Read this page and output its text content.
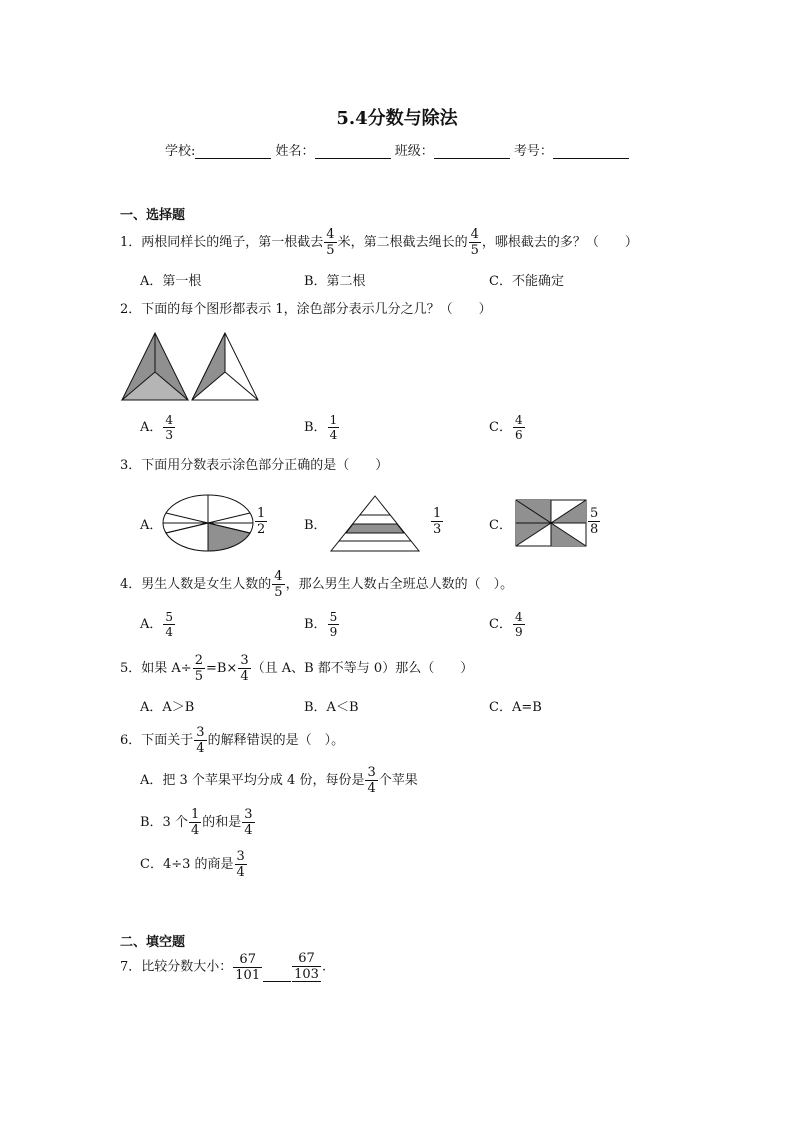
5.4分数与除法
学校:	姓名：	班级：	考号：
一、选择题
1．两根同样长的绳子，第一根截去 $\frac{4}{5}$ 米，第二根截去绳长的 $\frac{4}{5}$ ，哪根截去的多？（　　）
A．第一根	B．第二根	C．不能确定
2．下面的每个图形都表示 1，涂色部分表示几分之几？（　　）
A． $\frac{4}{3}$	B． $\frac{1}{4}$	C． $\frac{4}{6}$
3．下面用分数表示涂色部分正确的是（　　）
A．	$\frac{1}{2}$	B．	$\frac{1}{3}$	C．	$\frac{5}{8}$
4．男生人数是女生人数的 $\frac{4}{5}$ ，那么男生人数占全班总人数的（　）。
A． $\frac{5}{4}$	B． $\frac{5}{9}$	C． $\frac{4}{9}$
5．如果 $A\div \frac{2}{5} =B\times \frac{3}{4}$ （且 A、B 都不等与 0）那么（　　）
A．A＞B	B．A＜B	C．A=B
6．下面关于 $\frac{3}{4}$ 的解释错误的是（　）。
A．把 3 个苹果平均分成 4 份，每份是 $\frac{3}{4}$ 个苹果
B．3 个 $\frac{1}{4}$ 的和是 $\frac{3}{4}$
C．4÷3 的商是 $\frac{3}{4}$
二、填空题
7．比较分数大小： $\frac{67}{101} \frac{67}{103}$ .
